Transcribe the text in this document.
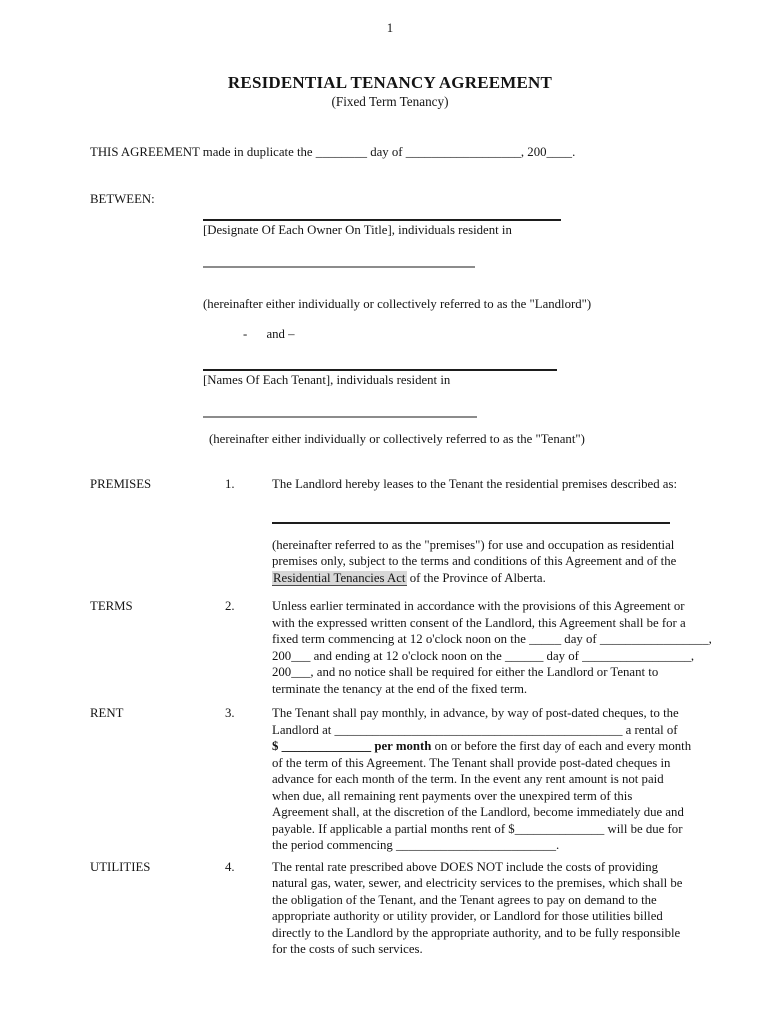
1
RESIDENTIAL TENANCY AGREEMENT
(Fixed Term Tenancy)
THIS AGREEMENT made in duplicate the ________ day of __________________, 200____.
BETWEEN:
[Designate Of Each Owner On Title], individuals resident in
(hereinafter either individually or collectively referred to as the "Landlord")
-      and –
[Names Of Each Tenant], individuals resident in
(hereinafter either individually or collectively referred to as the "Tenant")
PREMISES	1.	The Landlord hereby leases to the Tenant the residential premises described as:
(hereinafter referred to as the "premises") for use and occupation as residential
premises only, subject to the terms and conditions of this Agreement and of the
Residential Tenancies Act of the Province of Alberta.
TERMS	2.	Unless earlier terminated in accordance with the provisions of this Agreement or
with the expressed written consent of the Landlord, this Agreement shall be for a
fixed term commencing at 12 o'clock noon on the _____ day of _________________,
200___ and ending at 12 o'clock noon on the ______ day of _________________,
200___, and no notice shall be required for either the Landlord or Tenant to
terminate the tenancy at the end of the fixed term.
RENT	3.	The Tenant shall pay monthly, in advance, by way of post-dated cheques, to the
Landlord at _____________________________________________ a rental of
$ ______________ per month on or before the first day of each and every month
of the term of this Agreement. The Tenant shall provide post-dated cheques in
advance for each month of the term. In the event any rent amount is not paid
when due, all remaining rent payments over the unexpired term of this
Agreement shall, at the discretion of the Landlord, become immediately due and
payable. If applicable a partial months rent of $______________ will be due for
the period commencing _________________________.
UTILITIES	4.	The rental rate prescribed above DOES NOT include the costs of providing
natural gas, water, sewer, and electricity services to the premises, which shall be
the obligation of the Tenant, and the Tenant agrees to pay on demand to the
appropriate authority or utility provider, or Landlord for those utilities billed
directly to the Landlord by the appropriate authority, and to be fully responsible
for the costs of such services.
